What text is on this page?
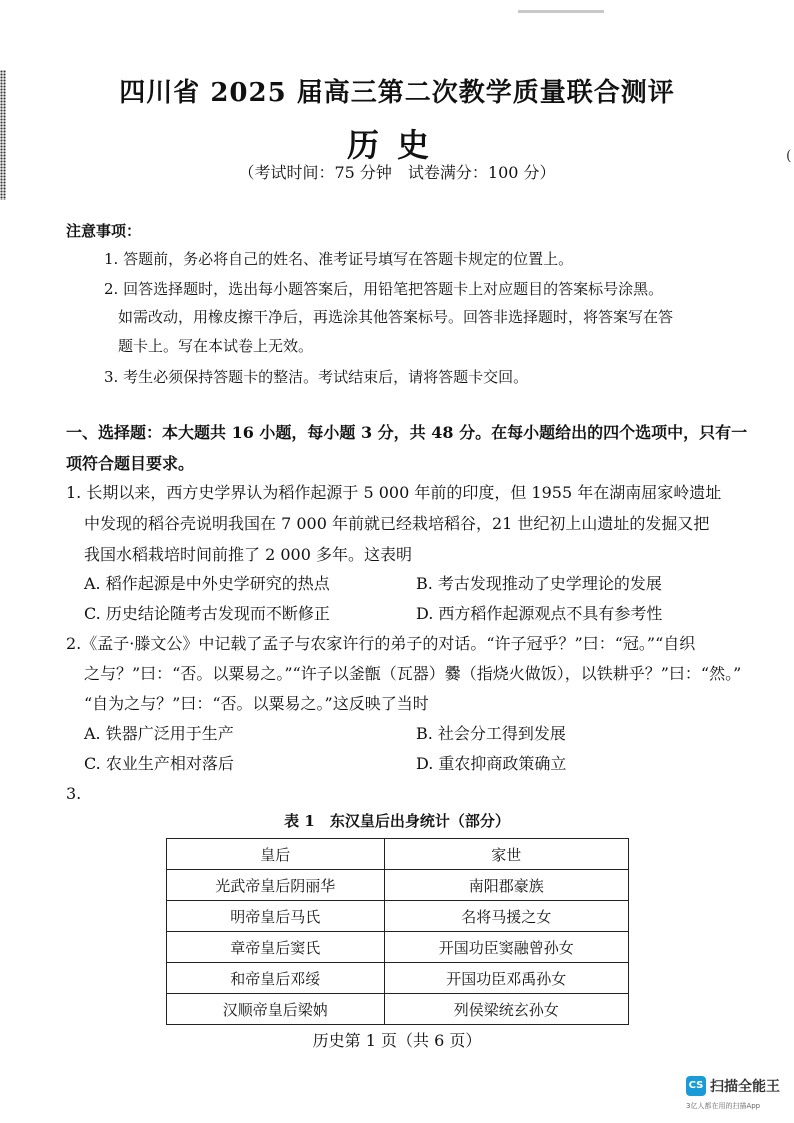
(
四川省 2025 届高三第二次教学质量联合测评
历史
（考试时间：75 分钟　试卷满分：100 分）
注意事项：
1. 答题前，务必将自己的姓名、准考证号填写在答题卡规定的位置上。
2. 回答选择题时，选出每小题答案后，用铅笔把答题卡上对应题目的答案标号涂黑。
如需改动，用橡皮擦干净后，再选涂其他答案标号。回答非选择题时，将答案写在答
题卡上。写在本试卷上无效。
3. 考生必须保持答题卡的整洁。考试结束后，请将答题卡交回。
一、选择题：本大题共 16 小题，每小题 3 分，共 48 分。在每小题给出的四个选项中，只有一
项符合题目要求。
1. 长期以来，西方史学界认为稻作起源于 5 000 年前的印度，但 1955 年在湖南屈家岭遗址
中发现的稻谷壳说明我国在 7 000 年前就已经栽培稻谷，21 世纪初上山遗址的发掘又把
我国水稻栽培时间前推了 2 000 多年。这表明
A. 稻作起源是中外史学研究的热点	B. 考古发现推动了史学理论的发展
C. 历史结论随考古发现而不断修正	D. 西方稻作起源观点不具有参考性
2.《孟子·滕文公》中记载了孟子与农家许行的弟子的对话。“许子冠乎？”曰：“冠。”“自织
之与？”曰：“否。以粟易之。”“许子以釜甑（瓦器）爨（指烧火做饭），以铁耕乎？”曰：“然。”
“自为之与？”曰：“否。以粟易之。”这反映了当时
A. 铁器广泛用于生产	B. 社会分工得到发展
C. 农业生产相对落后	D. 重农抑商政策确立
3.
表 1　东汉皇后出身统计（部分）
皇后	家世
光武帝皇后阴丽华	南阳郡豪族
明帝皇后马氏	名将马援之女
章帝皇后窦氏	开国功臣窦融曾孙女
和帝皇后邓绥	开国功臣邓禹孙女
汉顺帝皇后梁妠	列侯梁统玄孙女
历史第 1 页（共 6 页）
CS 扫描全能王
3亿人都在用的扫描App
